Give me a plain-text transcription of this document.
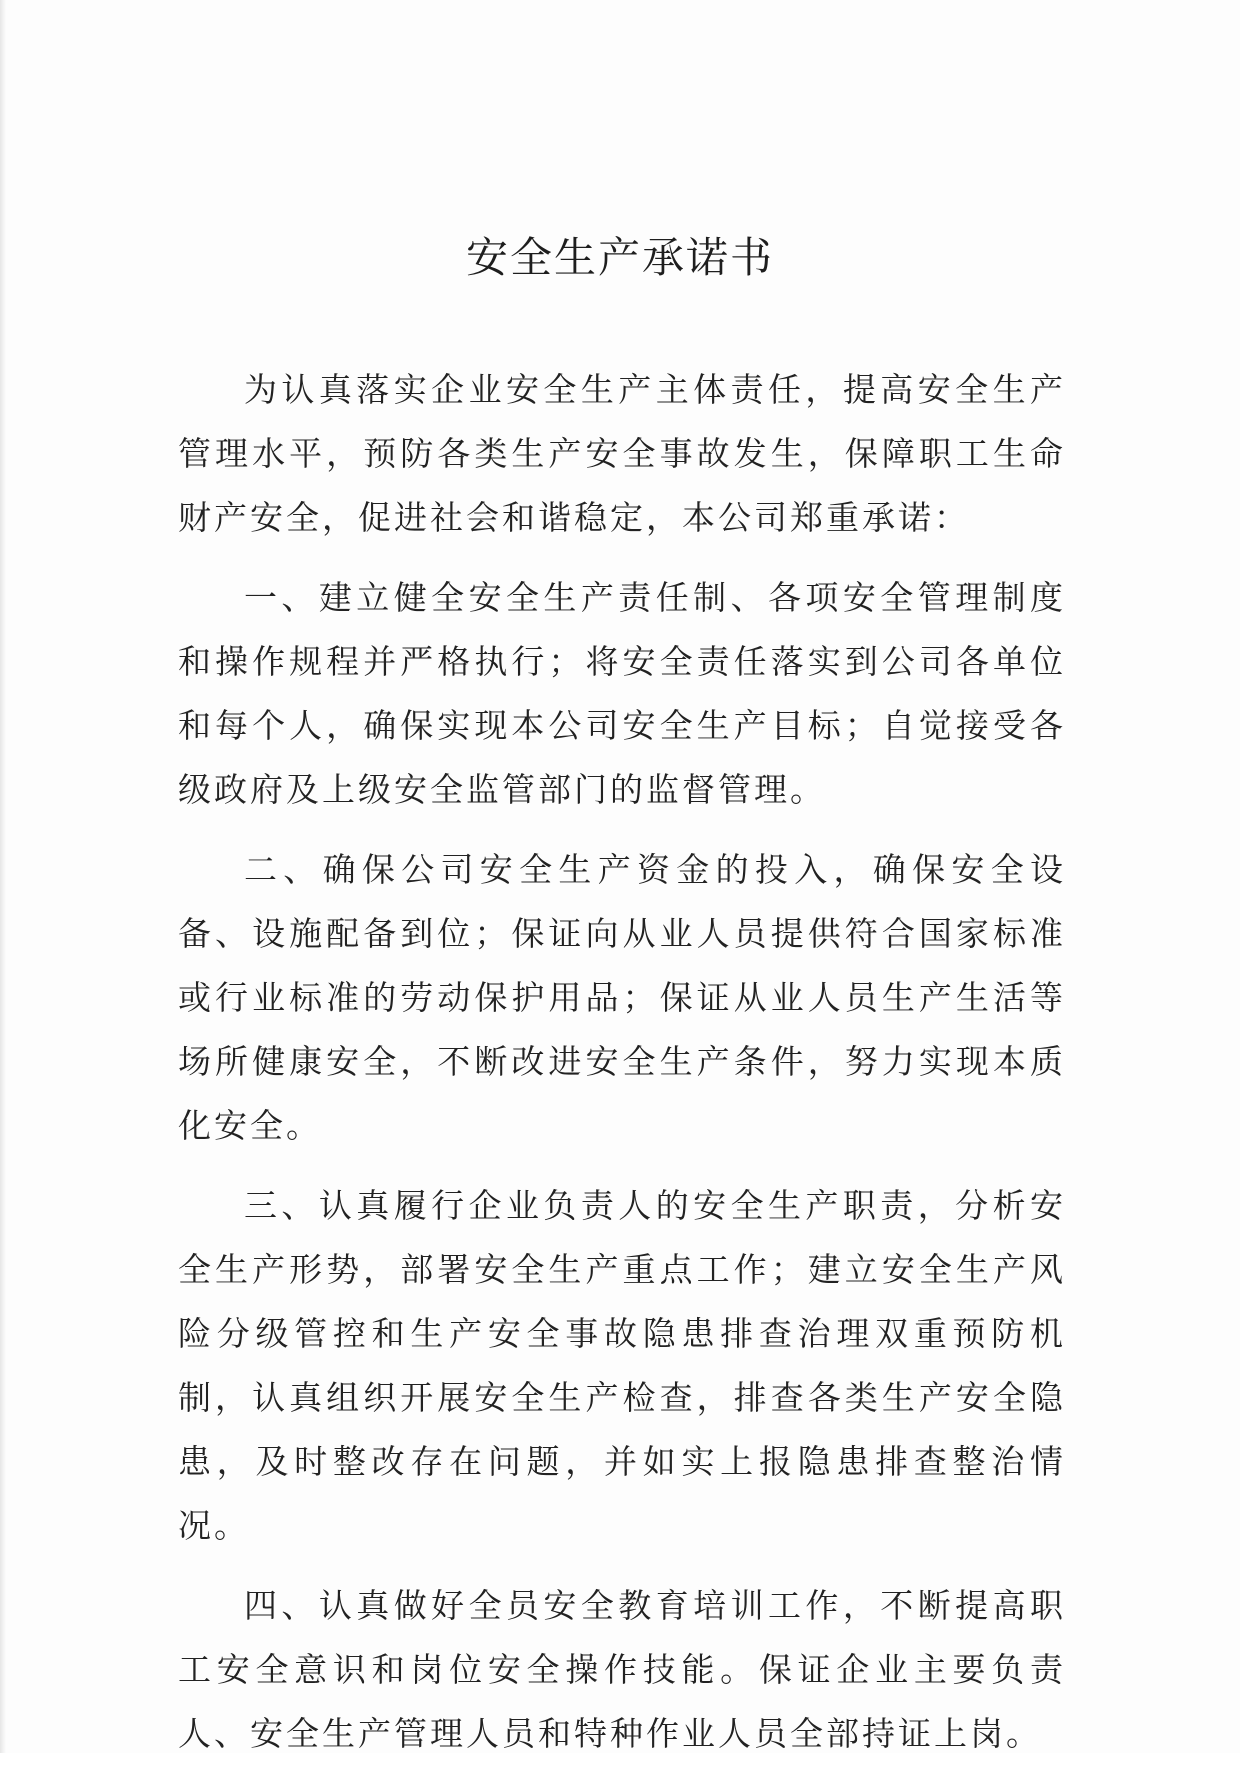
安全生产承诺书

为认真落实企业安全生产主体责任，提高安全生产管理水平，预防各类生产安全事故发生，保障职工生命财产安全，促进社会和谐稳定，本公司郑重承诺：

一、建立健全安全生产责任制、各项安全管理制度和操作规程并严格执行；将安全责任落实到公司各单位和每个人，确保实现本公司安全生产目标；自觉接受各级政府及上级安全监管部门的监督管理。

二、确保公司安全生产资金的投入，确保安全设备、设施配备到位；保证向从业人员提供符合国家标准或行业标准的劳动保护用品；保证从业人员生产生活等场所健康安全，不断改进安全生产条件，努力实现本质化安全。

三、认真履行企业负责人的安全生产职责，分析安全生产形势，部署安全生产重点工作；建立安全生产风险分级管控和生产安全事故隐患排查治理双重预防机制，认真组织开展安全生产检查，排查各类生产安全隐患，及时整改存在问题，并如实上报隐患排查整治情况。

四、认真做好全员安全教育培训工作，不断提高职工安全意识和岗位安全操作技能。保证企业主要负责人、安全生产管理人员和特种作业人员全部持证上岗。
